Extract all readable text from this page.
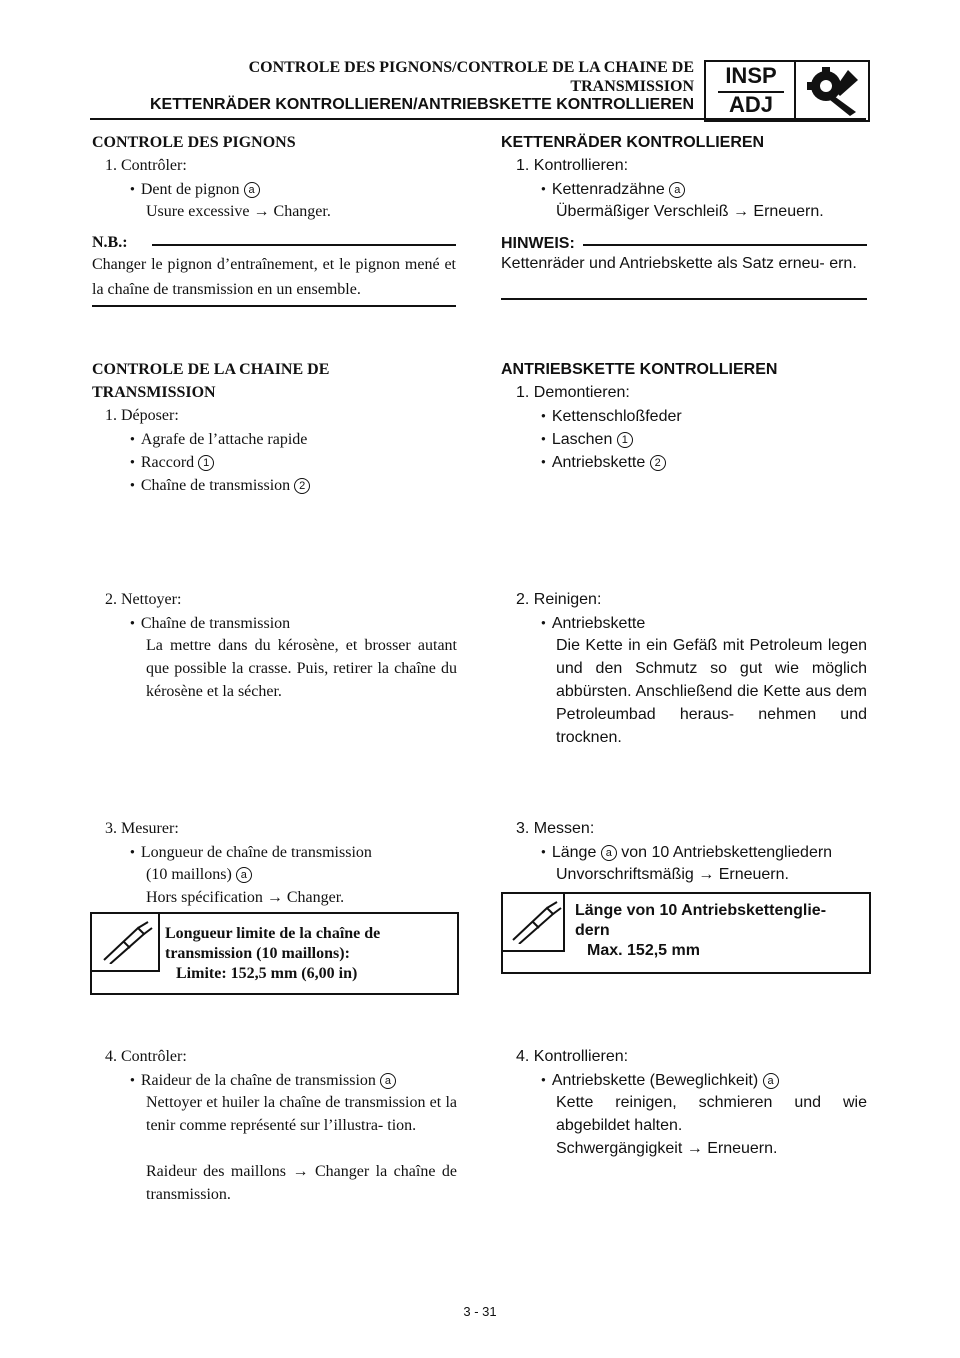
CONTROLE DES PIGNONS/CONTROLE DE LA CHAINE DE
TRANSMISSION
KETTENRÄDER KONTROLLIEREN/ANTRIEBSKETTE KONTROLLIEREN
INSP
ADJ
CONTROLE DES PIGNONS
1. Contrôler:
● Dent de pignon a
Usure excessive → Changer.
N.B.:
Changer le pignon d’entraînement, et le pignon mené et la chaîne de transmission en un ensemble.
CONTROLE DE LA CHAINE DE
TRANSMISSION
1. Déposer:
● Agrafe de l’attache rapide
● Raccord 1
● Chaîne de transmission 2
2. Nettoyer:
● Chaîne de transmission
La mettre dans du kérosène, et brosser autant que possible la crasse. Puis, retirer la chaîne du kérosène et la sécher.
3. Mesurer:
● Longueur de chaîne de transmission
(10 maillons) a
Hors spécification → Changer.
Longueur limite de la chaîne de
transmission (10 maillons):
Limite: 152,5 mm (6,00 in)
4. Contrôler:
● Raideur de la chaîne de transmission a
Nettoyer et huiler la chaîne de transmission et la tenir comme représenté sur l’illustra- tion.
Raideur des maillons → Changer la chaîne de transmission.
KETTENRÄDER KONTROLLIEREN
1. Kontrollieren:
● Kettenradzähne a
Übermäßiger Verschleiß → Erneuern.
HINWEIS:
Kettenräder und Antriebskette als Satz erneu- ern.
ANTRIEBSKETTE KONTROLLIEREN
1. Demontieren:
● Kettenschloßfeder
● Laschen 1
● Antriebskette 2
2. Reinigen:
● Antriebskette
Die Kette in ein Gefäß mit Petroleum legen und den Schmutz so gut wie möglich abbürsten. Anschließend die Kette aus dem Petroleumbad heraus- nehmen und trocknen.
3. Messen:
● Länge a von 10 Antriebskettengliedern
Unvorschriftsmäßig → Erneuern.
Länge von 10 Antriebskettenglie-
dern
Max. 152,5 mm
4. Kontrollieren:
● Antriebskette (Beweglichkeit) a
Kette reinigen, schmieren und wie abgebildet halten.
Schwergängigkeit → Erneuern.
3 - 31
